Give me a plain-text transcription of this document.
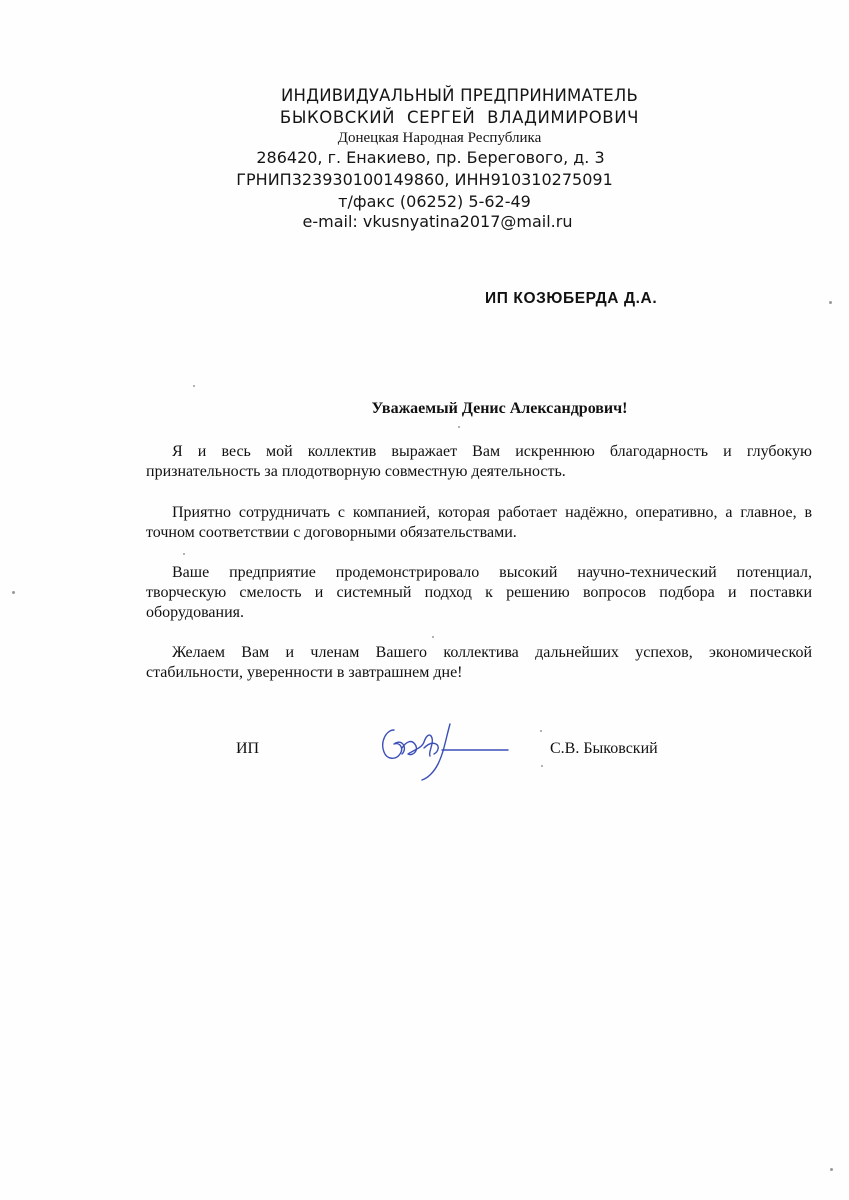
ИНДИВИДУАЛЬНЫЙ ПРЕДПРИНИМАТЕЛЬ
БЫКОВСКИЙ СЕРГЕЙ ВЛАДИМИРОВИЧ
Донецкая Народная Республика
286420, г. Енакиево, пр. Берегового, д. 3
ГРНИП323930100149860, ИНН910310275091
т/факс (06252) 5-62-49
e-mail: vkusnyatina2017@mail.ru
ИП КОЗЮБЕРДА Д.А.
Уважаемый Денис Александрович!

Я и весь мой коллектив выражает Вам искреннюю благодарность и глубокую признательность за плодотворную совместную деятельность.

Приятно сотрудничать с компанией, которая работает надёжно, оперативно, а главное, в точном соответствии с договорными обязательствами.

Ваше предприятие продемонстрировало высокий научно-технический потенциал, творческую смелость и системный подход к решению вопросов подбора и поставки оборудования.

Желаем Вам и членам Вашего коллектива дальнейших успехов, экономической стабильности, уверенности в завтрашнем дне!

ИП	С.В. Быковский
